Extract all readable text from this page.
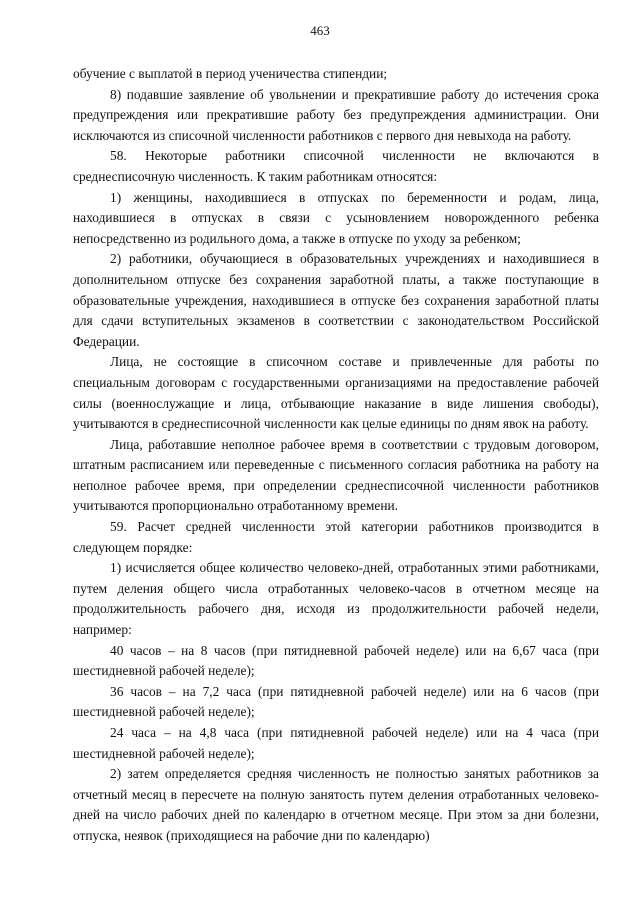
463

обучение с выплатой в период ученичества стипендии;

8) подавшие заявление об увольнении и прекратившие работу до истечения срока предупреждения или прекратившие работу без предупреждения администрации. Они исключаются из списочной численности работников с первого дня невыхода на работу.

58. Некоторые работники списочной численности не включаются в среднесписочную численность. К таким работникам относятся:

1) женщины, находившиеся в отпусках по беременности и родам, лица, находившиеся в отпусках в связи с усыновлением новорожденного ребенка непосредственно из родильного дома, а также в отпуске по уходу за ребенком;

2) работники, обучающиеся в образовательных учреждениях и находившиеся в дополнительном отпуске без сохранения заработной платы, а также поступающие в образовательные учреждения, находившиеся в отпуске без сохранения заработной платы для сдачи вступительных экзаменов в соответствии с законодательством Российской Федерации.

Лица, не состоящие в списочном составе и привлеченные для работы по специальным договорам с государственными организациями на предоставление рабочей силы (военнослужащие и лица, отбывающие наказание в виде лишения свободы), учитываются в среднесписочной численности как целые единицы по дням явок на работу.

Лица, работавшие неполное рабочее время в соответствии с трудовым договором, штатным расписанием или переведенные с письменного согласия работника на работу на неполное рабочее время, при определении среднесписочной численности работников учитываются пропорционально отработанному времени.

59. Расчет средней численности этой категории работников производится в следующем порядке:

1) исчисляется общее количество человеко-дней, отработанных этими работниками, путем деления общего числа отработанных человеко-часов в отчетном месяце на продолжительность рабочего дня, исходя из продолжительности рабочей недели, например:

40 часов – на 8 часов (при пятидневной рабочей неделе) или на 6,67 часа (при шестидневной рабочей неделе);

36 часов – на 7,2 часа (при пятидневной рабочей неделе) или на 6 часов (при шестидневной рабочей неделе);

24 часа – на 4,8 часа (при пятидневной рабочей неделе) или на 4 часа (при шестидневной рабочей неделе);

2) затем определяется средняя численность не полностью занятых работников за отчетный месяц в пересчете на полную занятость путем деления отработанных человеко-дней на число рабочих дней по календарю в отчетном месяце. При этом за дни болезни, отпуска, неявок (приходящиеся на рабочие дни по календарю)
